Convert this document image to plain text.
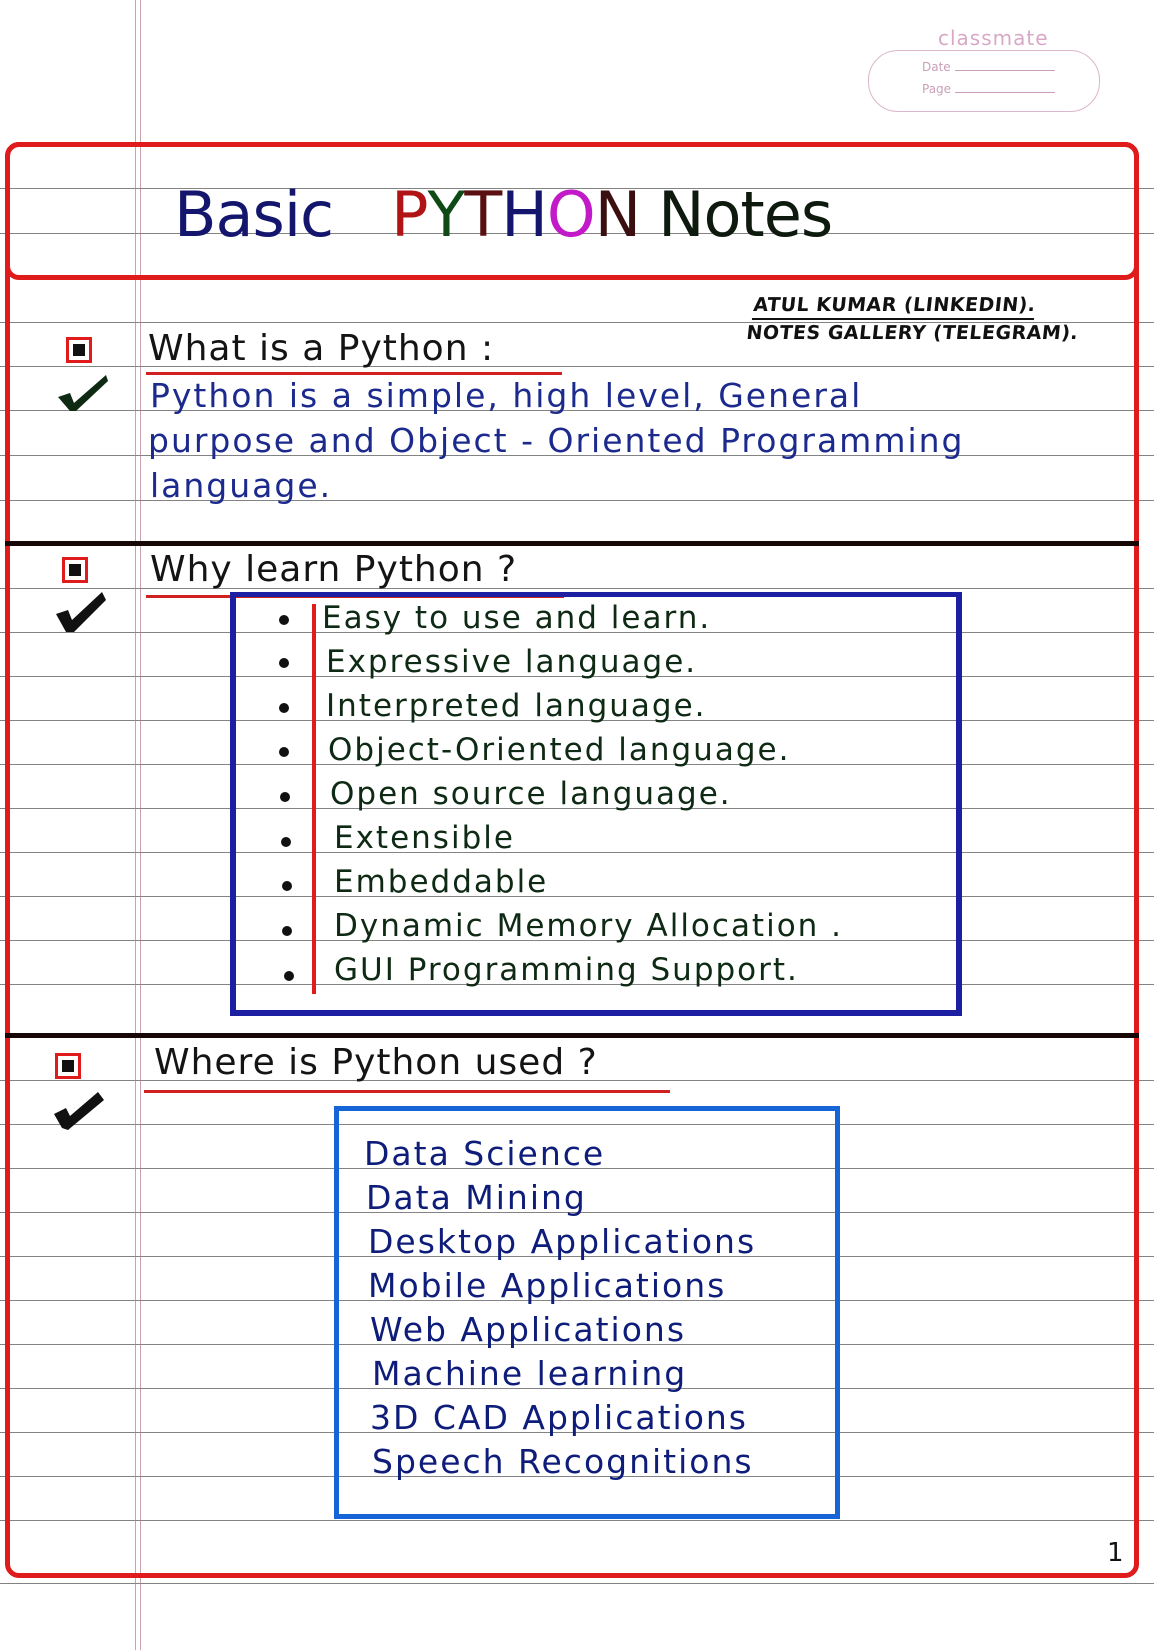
classmate
Date
Page
Basic PYTHON Notes
ATUL KUMAR (LINKEDIN).
NOTES GALLERY (TELEGRAM).
What is a Python :
Python is a simple, high level, General
purpose and Object - Oriented Programming
language.
Why learn Python ?
Easy to use and learn.
Expressive language.
Interpreted language.
Object-Oriented language.
Open source language.
Extensible
Embeddable
Dynamic Memory Allocation .
GUI Programming Support.
Where is Python used ?
Data Science
Data Mining
Desktop Applications
Mobile Applications
Web Applications
Machine learning
3D CAD Applications
Speech Recognitions
1
